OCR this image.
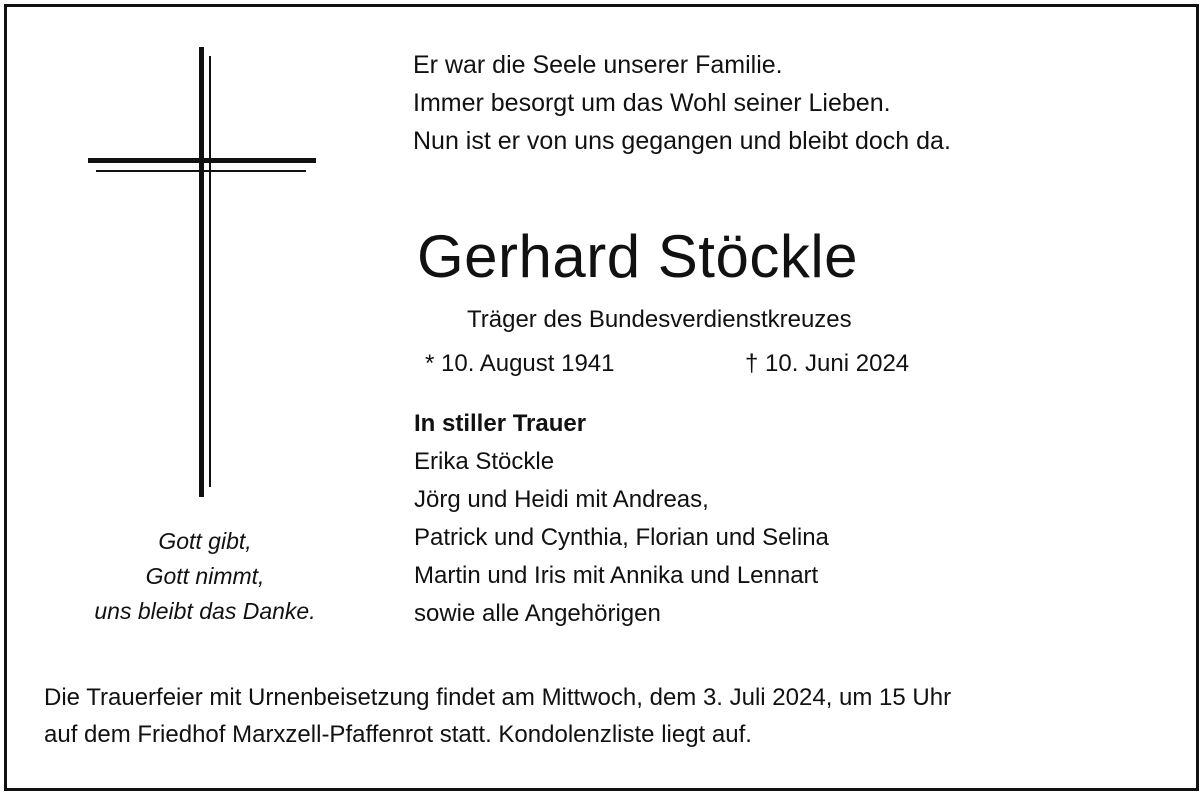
Gott gibt,
Gott nimmt,
uns bleibt das Danke.
Er war die Seele unserer Familie.
Immer besorgt um das Wohl seiner Lieben.
Nun ist er von uns gegangen und bleibt doch da.
Gerhard Stöckle
Träger des Bundesverdienstkreuzes
* 10. August 1941	† 10. Juni 2024
In stiller Trauer
Erika Stöckle
Jörg und Heidi mit Andreas,
Patrick und Cynthia, Florian und Selina
Martin und Iris mit Annika und Lennart
sowie alle Angehörigen
Die Trauerfeier mit Urnenbeisetzung findet am Mittwoch, dem 3. Juli 2024, um 15 Uhr
auf dem Friedhof Marxzell-Pfaffenrot statt. Kondolenzliste liegt auf.
